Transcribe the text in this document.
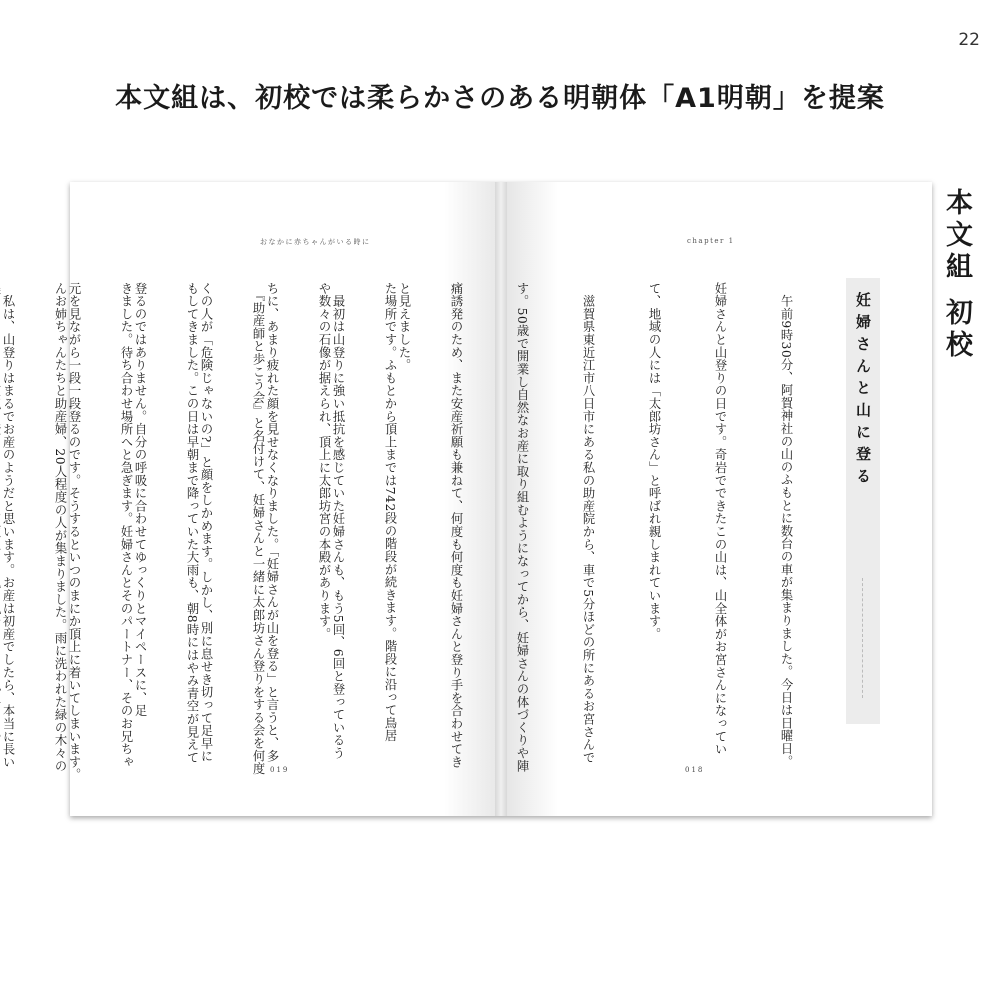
22
本文組は、初校では柔らかさのある明朝体「A1明朝」を提案
本文組 初校
おなかに赤ちゃんがいる時に

と見えました。

　最初は山登りに強い抵抗を感じていた妊婦さんも、もう5回、6回と登っているう

ちに、あまり疲れた顔を見せなくなりました。「妊婦さんが山を登る」と言うと、多

くの人が「危険じゃないの?」と顔をしかめます。しかし、別に息せき切って足早に

登るのではありません。自分の呼吸に合わせてゆっくりとマイペースに、足

元を見ながら一段一段登るのです。そうするといつのまにか頂上に着いてしまいます。

　私は、山登りはまるでお産のようだと思います。お産は初産でしたら、本当に長い

019
chapter 1

　午前9時30分、阿賀神社の山のふもとに数台の車が集まりました。今日は日曜日。

妊婦さんと山登りの日です。奇岩でできたこの山は、山全体がお宮さんになってい

て、地域の人には「太郎坊さん」と呼ばれ親しまれています。

　滋賀県東近江市八日市にある私の助産院から、車で5分ほどの所にあるお宮さんで

す。50歳で開業し自然なお産に取り組むようになってから、妊婦さんの体づくりや陣

痛誘発のため、また安産祈願も兼ねて、何度も何度も妊婦さんと登り手を合わせてき

た場所です。ふもとから頂上までは742段の階段が続きます。階段に沿って鳥居

や数々の石像が据えられ、頂上に太郎坊宮の本殿があります。

　『助産師と歩こう会』と名付けて、妊婦さんと一緒に太郎坊さん登りをする会を何度

もしてきました。この日は早朝まで降っていた大雨も、朝8時にはやみ青空が見えて

きました。待ち合わせ場所へと急ぎます。妊婦さんとそのパートナー、そのお兄ちゃ

んお姉ちゃんたちと助産婦、20人程度の人が集まりました。雨に洗われた緑の木々の

	018
妊婦さんと山に登る
